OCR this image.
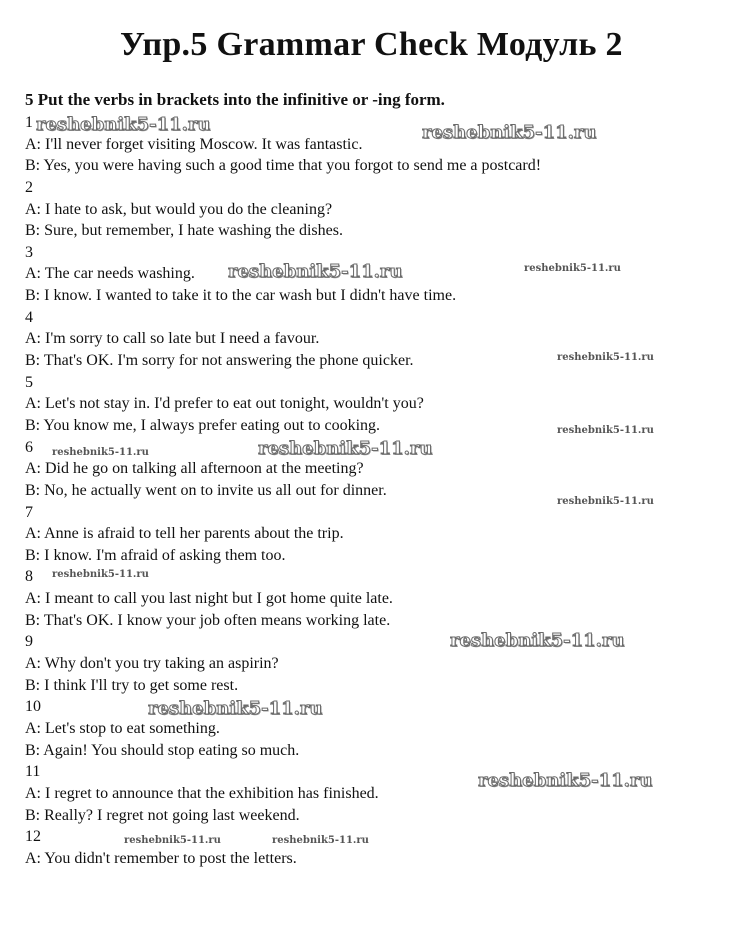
Упр.5 Grammar Check Модуль 2
5 Put the verbs in brackets into the infinitive or -ing form.
1
A: I'll never forget visiting Moscow. It was fantastic.
B: Yes, you were having such a good time that you forgot to send me a postcard!
2
A: I hate to ask, but would you do the cleaning?
B: Sure, but remember, I hate washing the dishes.
3
A: The car needs washing.
B: I know. I wanted to take it to the car wash but I didn't have time.
4
A: I'm sorry to call so late but I need a favour.
B: That's OK. I'm sorry for not answering the phone quicker.
5
A: Let's not stay in. I'd prefer to eat out tonight, wouldn't you?
B: You know me, I always prefer eating out to cooking.
6
A: Did he go on talking all afternoon at the meeting?
B: No, he actually went on to invite us all out for dinner.
7
A: Anne is afraid to tell her parents about the trip.
B: I know. I'm afraid of asking them too.
8
A: I meant to call you last night but I got home quite late.
B: That's OK. I know your job often means working late.
9
A: Why don't you try taking an aspirin?
B: I think I'll try to get some rest.
10
A: Let's stop to eat something.
B: Again! You should stop eating so much.
11
A: I regret to announce that the exhibition has finished.
B: Really? I regret not going last weekend.
12
A: You didn't remember to post the letters.
reshebnik5-11.ru	reshebnik5-11.ru
reshebnik5-11.ru	reshebnik5-11.ru
reshebnik5-11.ru
reshebnik5-11.ru
reshebnik5-11.ru	reshebnik5-11.ru
reshebnik5-11.ru
reshebnik5-11.ru
reshebnik5-11.ru
reshebnik5-11.ru
reshebnik5-11.ru
reshebnik5-11.ru	reshebnik5-11.ru
